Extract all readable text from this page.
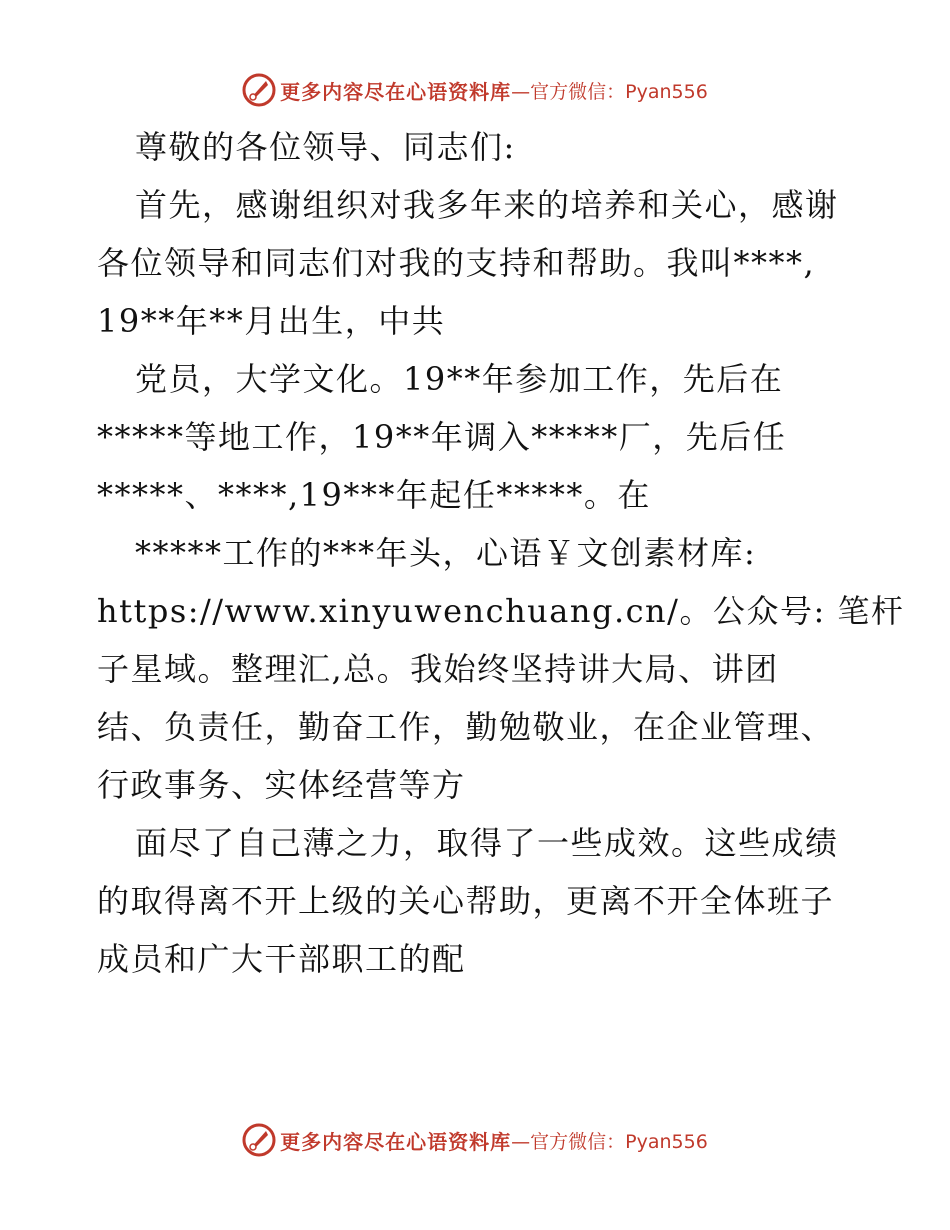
更多内容尽在心语资料库 —官方微信：Pyan556
尊敬的各位领导、同志们:
首先，感谢组织对我多年来的培养和关心，感谢
各位领导和同志们对我的支持和帮助。我叫****,
19**年**月出生，中共
党员，大学文化。19**年参加工作，先后在
*****等地工作，19**年调入*****厂，先后任
*****、****,19***年起任*****。在
*****工作的***年头，心语￥文创素材库:
https://www.xinyuwenchuang.cn/。公众号: 笔杆
子星域。整理汇,总。我始终坚持讲大局、讲团
结、负责任，勤奋工作，勤勉敬业，在企业管理、
行政事务、实体经营等方
面尽了自己薄之力，取得了一些成效。这些成绩
的取得离不开上级的关心帮助，更离不开全体班子
成员和广大干部职工的配
更多内容尽在心语资料库 —官方微信：Pyan556
